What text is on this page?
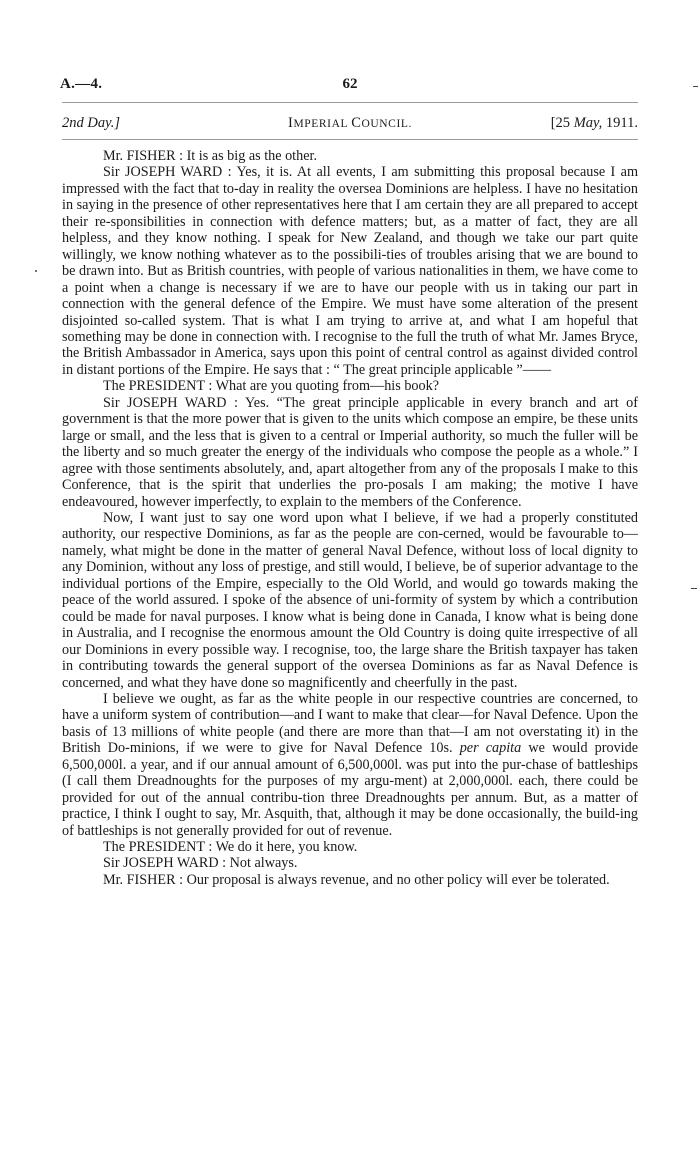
A.—4.	62
2nd Day.]	IMPERIAL COUNCIL.	[25 May, 1911.

Mr. FISHER : It is as big as the other.

Sir JOSEPH WARD : Yes, it is. At all events, I am submitting this proposal because I am impressed with the fact that to-day in reality the oversea Dominions are helpless. I have no hesitation in saying in the presence of other representatives here that I am certain they are all prepared to accept their re-sponsibilities in connection with defence matters; but, as a matter of fact, they are all helpless, and they know nothing. I speak for New Zealand, and though we take our part quite willingly, we know nothing whatever as to the possibili-ties of troubles arising that we are bound to be drawn into. But as British countries, with people of various nationalities in them, we have come to a point when a change is necessary if we are to have our people with us in taking our part in connection with the general defence of the Empire. We must have some alteration of the present disjointed so-called system. That is what I am trying to arrive at, and what I am hopeful that something may be done in connection with. I recognise to the full the truth of what Mr. James Bryce, the British Ambassador in America, says upon this point of central control as against divided control in distant portions of the Empire. He says that : “ The great principle applicable ”——

The PRESIDENT : What are you quoting from—his book?

Sir JOSEPH WARD : Yes. “The great principle applicable in every branch and art of government is that the more power that is given to the units which compose an empire, be these units large or small, and the less that is given to a central or Imperial authority, so much the fuller will be the liberty and so much greater the energy of the individuals who compose the people as a whole.” I agree with those sentiments absolutely, and, apart altogether from any of the proposals I make to this Conference, that is the spirit that underlies the pro-posals I am making; the motive I have endeavoured, however imperfectly, to explain to the members of the Conference.

Now, I want just to say one word upon what I believe, if we had a properly constituted authority, our respective Dominions, as far as the people are con-cerned, would be favourable to—namely, what might be done in the matter of general Naval Defence, without loss of local dignity to any Dominion, without any loss of prestige, and still would, I believe, be of superior advantage to the individual portions of the Empire, especially to the Old World, and would go towards making the peace of the world assured. I spoke of the absence of uni-formity of system by which a contribution could be made for naval purposes. I know what is being done in Canada, I know what is being done in Australia, and I recognise the enormous amount the Old Country is doing quite irrespective of all our Dominions in every possible way. I recognise, too, the large share the British taxpayer has taken in contributing towards the general support of the oversea Dominions as far as Naval Defence is concerned, and what they have done so magnificently and cheerfully in the past.

I believe we ought, as far as the white people in our respective countries are concerned, to have a uniform system of contribution—and I want to make that clear—for Naval Defence. Upon the basis of 13 millions of white people (and there are more than that—I am not overstating it) in the British Do-minions, if we were to give for Naval Defence 10s. per capita we would provide 6,500,000l. a year, and if our annual amount of 6,500,000l. was put into the pur-chase of battleships (I call them Dreadnoughts for the purposes of my argu-ment) at 2,000,000l. each, there could be provided for out of the annual contribu-tion three Dreadnoughts per annum. But, as a matter of practice, I think I ought to say, Mr. Asquith, that, although it may be done occasionally, the build-ing of battleships is not generally provided for out of revenue.

The PRESIDENT : We do it here, you know.

Sir JOSEPH WARD : Not always.

Mr. FISHER : Our proposal is always revenue, and no other policy will ever be tolerated.
